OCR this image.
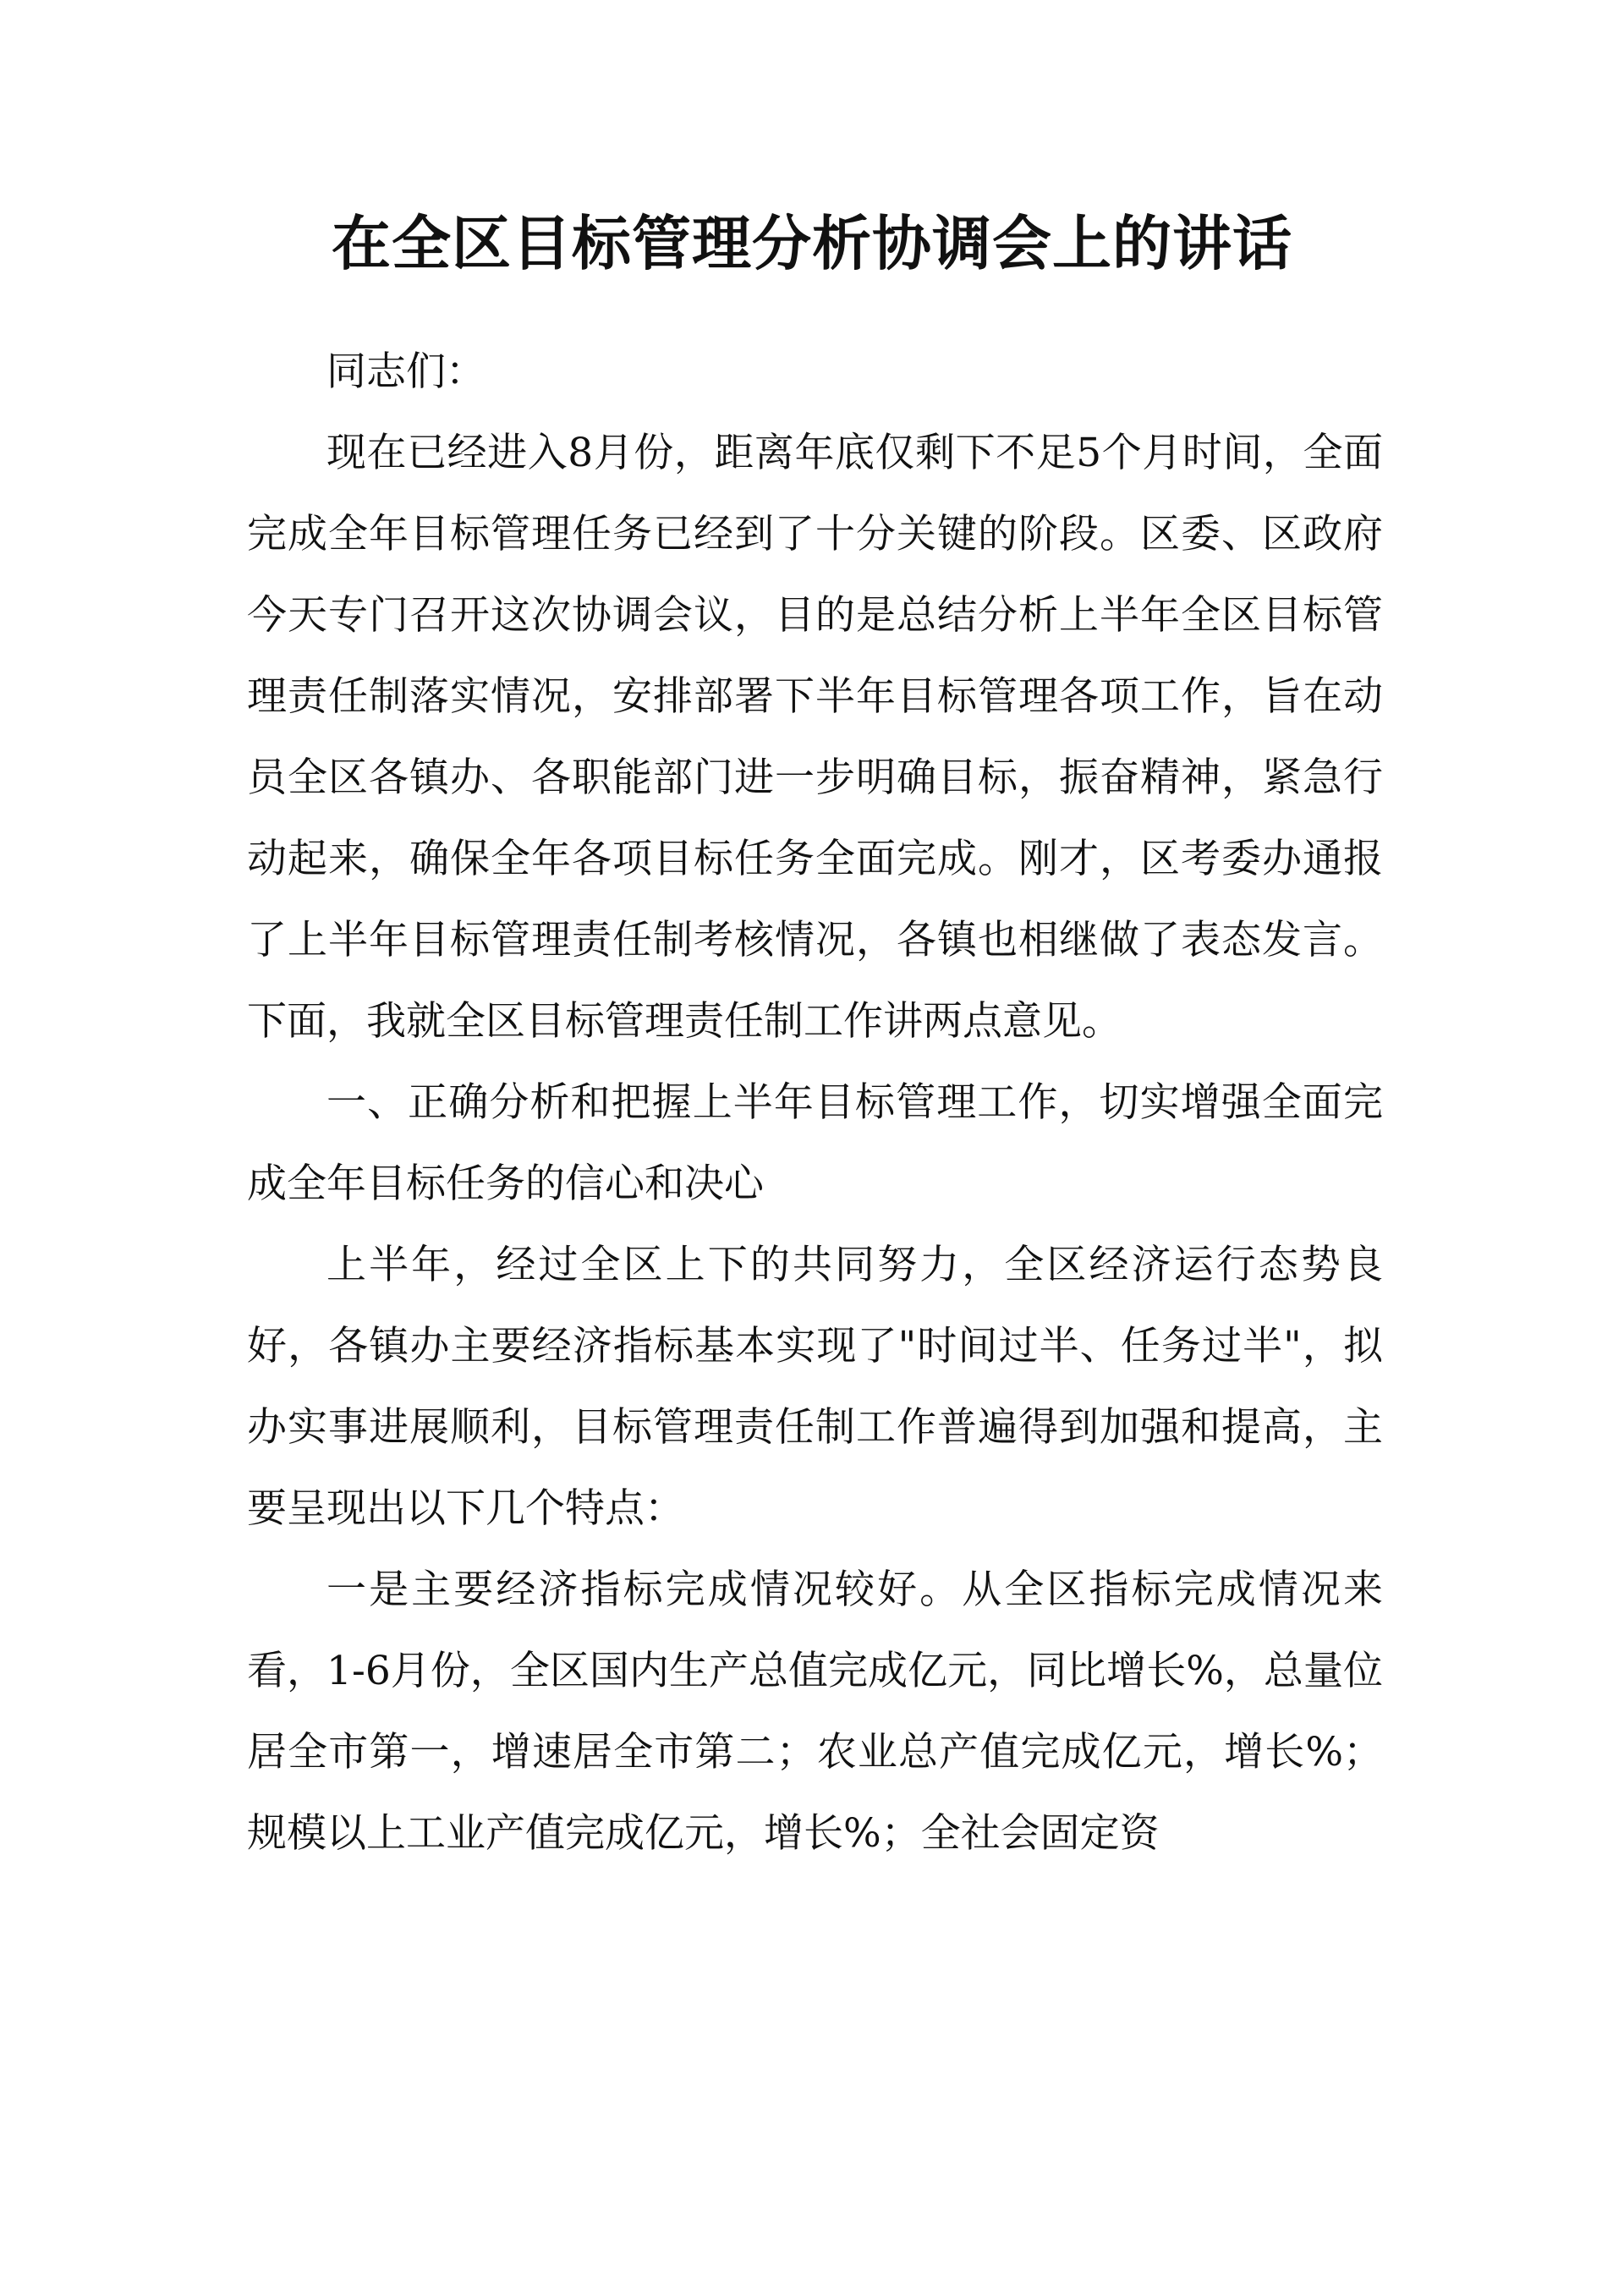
在全区目标管理分析协调会上的讲话

同志们：

现在已经进入8月份，距离年底仅剩下不足5个月时间，全面完成全年目标管理任务已经到了十分关键的阶段。区委、区政府今天专门召开这次协调会议，目的是总结分析上半年全区目标管理责任制落实情况，安排部署下半年目标管理各项工作，旨在动员全区各镇办、各职能部门进一步明确目标，振奋精神，紧急行动起来，确保全年各项目标任务全面完成。刚才，区考委办通报了上半年目标管理责任制考核情况，各镇也相继做了表态发言。下面，我就全区目标管理责任制工作讲两点意见。

一、正确分析和把握上半年目标管理工作，切实增强全面完成全年目标任务的信心和决心

上半年，经过全区上下的共同努力，全区经济运行态势良好，各镇办主要经济指标基本实现了"时间过半、任务过半"，拟办实事进展顺利，目标管理责任制工作普遍得到加强和提高，主要呈现出以下几个特点：

一是主要经济指标完成情况较好。从全区指标完成情况来看，1-6月份，全区国内生产总值完成亿元，同比增长%，总量位居全市第一，增速居全市第二；农业总产值完成亿元，增长%；规模以上工业产值完成亿元，增长%；全社会固定资
